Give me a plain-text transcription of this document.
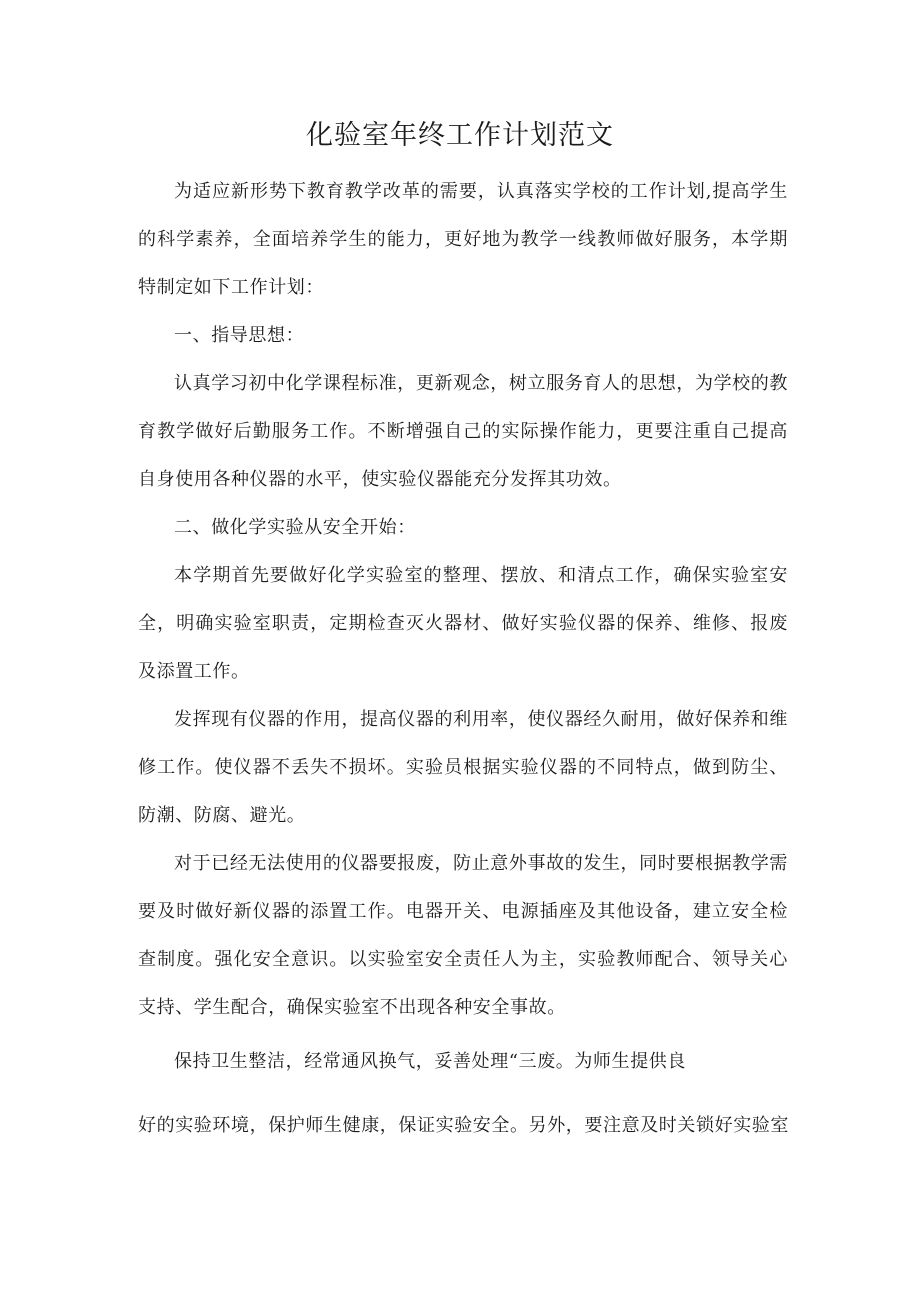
化验室年终工作计划范文

为适应新形势下教育教学改革的需要，认真落实学校的工作计划,提高学生的科学素养，全面培养学生的能力，更好地为教学一线教师做好服务，本学期特制定如下工作计划：

一、指导思想：

认真学习初中化学课程标准，更新观念，树立服务育人的思想，为学校的教育教学做好后勤服务工作。不断增强自己的实际操作能力，更要注重自己提高自身使用各种仪器的水平，使实验仪器能充分发挥其功效。

二、做化学实验从安全开始：

本学期首先要做好化学实验室的整理、摆放、和清点工作，确保实验室安全，明确实验室职责，定期检查灭火器材、做好实验仪器的保养、维修、报废及添置工作。

发挥现有仪器的作用，提高仪器的利用率，使仪器经久耐用，做好保养和维修工作。使仪器不丢失不损坏。实验员根据实验仪器的不同特点，做到防尘、防潮、防腐、避光。

对于已经无法使用的仪器要报废，防止意外事故的发生，同时要根据教学需要及时做好新仪器的添置工作。电器开关、电源插座及其他设备，建立安全检查制度。强化安全意识。以实验室安全责任人为主，实验教师配合、领导关心支持、学生配合，确保实验室不出现各种安全事故。

保持卫生整洁，经常通风换气，妥善处理“三废。为师生提供良

好的实验环境，保护师生健康，保证实验安全。另外，要注意及时关锁好实验室
